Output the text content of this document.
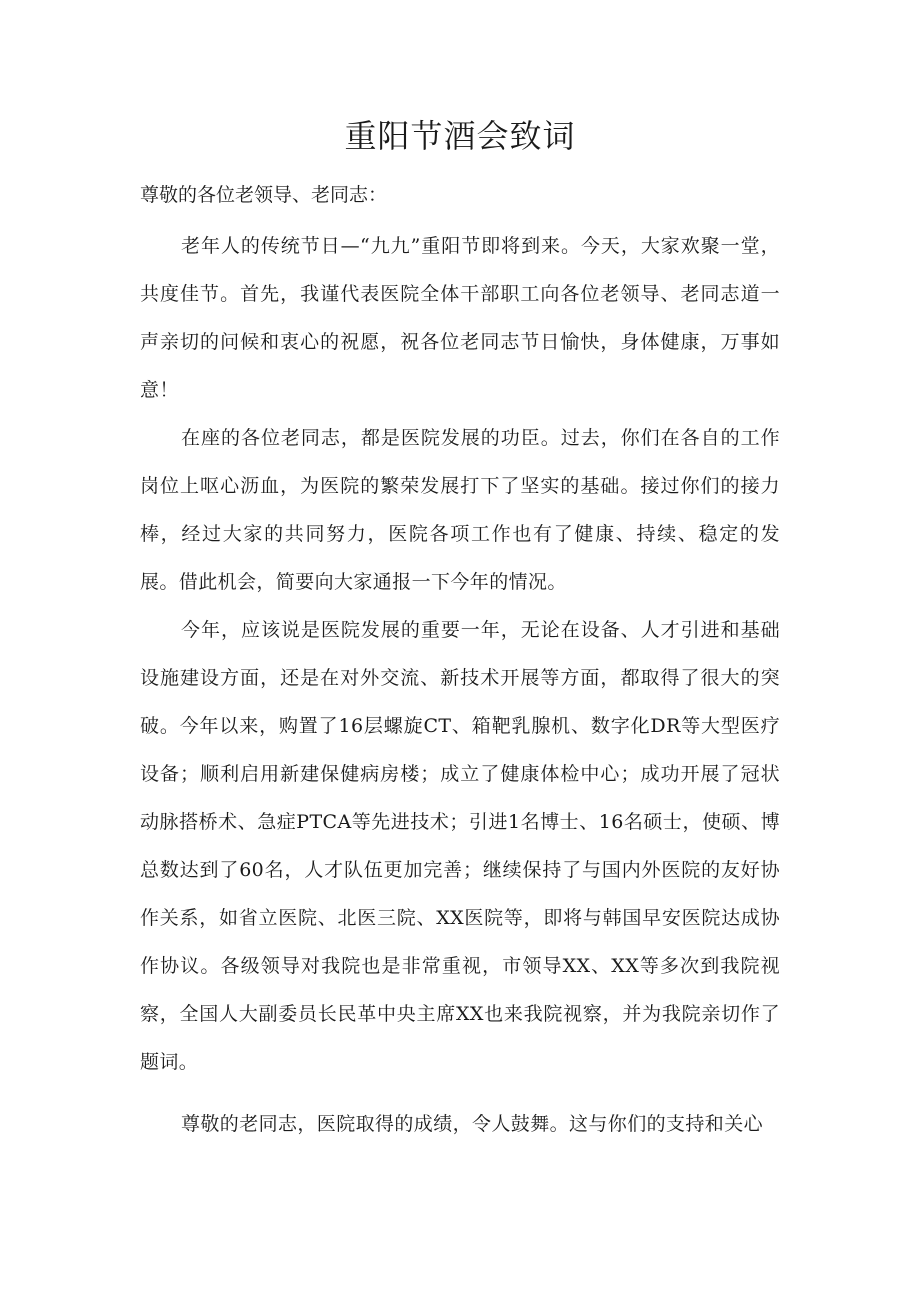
重阳节酒会致词

尊敬的各位老领导、老同志：

老年人的传统节日—“九九”重阳节即将到来。今天，大家欢聚一堂，共度佳节。首先，我谨代表医院全体干部职工向各位老领导、老同志道一声亲切的问候和衷心的祝愿，祝各位老同志节日愉快，身体健康，万事如意！

在座的各位老同志，都是医院发展的功臣。过去，你们在各自的工作岗位上呕心沥血，为医院的繁荣发展打下了坚实的基础。接过你们的接力棒，经过大家的共同努力，医院各项工作也有了健康、持续、稳定的发展。借此机会，简要向大家通报一下今年的情况。

今年，应该说是医院发展的重要一年，无论在设备、人才引进和基础设施建设方面，还是在对外交流、新技术开展等方面，都取得了很大的突破。今年以来，购置了16层螺旋CT、箱靶乳腺机、数字化DR等大型医疗设备；顺利启用新建保健病房楼；成立了健康体检中心；成功开展了冠状动脉搭桥术、急症PTCA等先进技术；引进1名博士、16名硕士，使硕、博总数达到了60名，人才队伍更加完善；继续保持了与国内外医院的友好协作关系，如省立医院、北医三院、XX医院等，即将与韩国早安医院达成协作协议。各级领导对我院也是非常重视，市领导XX、XX等多次到我院视察，全国人大副委员长民革中央主席XX也来我院视察，并为我院亲切作了题词。

尊敬的老同志，医院取得的成绩，令人鼓舞。这与你们的支持和关心
